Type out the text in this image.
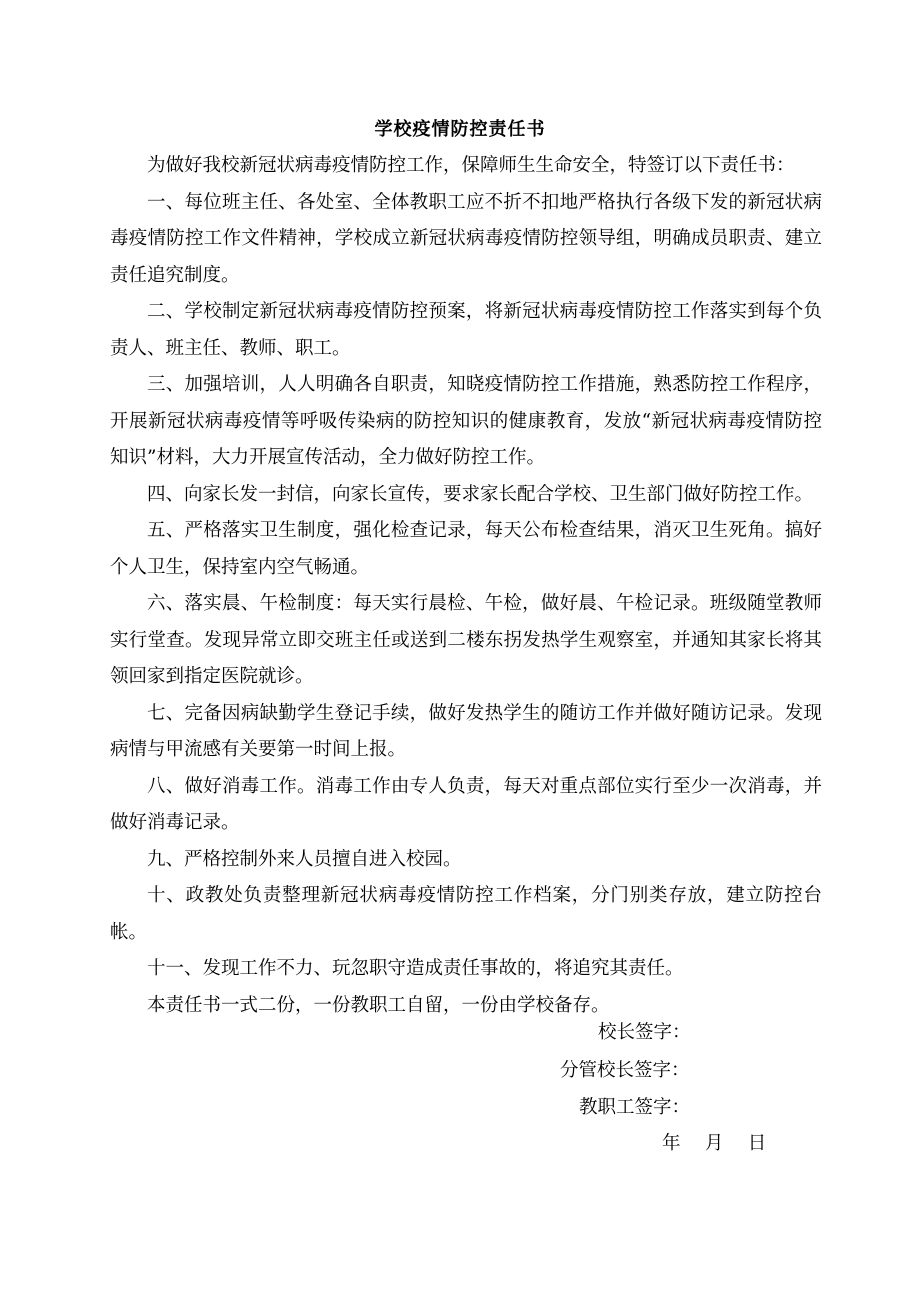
学校疫情防控责任书

为做好我校新冠状病毒疫情防控工作，保障师生生命安全，特签订以下责任书：

一、每位班主任、各处室、全体教职工应不折不扣地严格执行各级下发的新冠状病毒疫情防控工作文件精神，学校成立新冠状病毒疫情防控领导组，明确成员职责、建立责任追究制度。

二、学校制定新冠状病毒疫情防控预案，将新冠状病毒疫情防控工作落实到每个负责人、班主任、教师、职工。

三、加强培训，人人明确各自职责，知晓疫情防控工作措施，熟悉防控工作程序，开展新冠状病毒疫情等呼吸传染病的防控知识的健康教育，发放“新冠状病毒疫情防控知识”材料，大力开展宣传活动，全力做好防控工作。

四、向家长发一封信，向家长宣传，要求家长配合学校、卫生部门做好防控工作。

五、严格落实卫生制度，强化检查记录，每天公布检查结果，消灭卫生死角。搞好个人卫生，保持室内空气畅通。

六、落实晨、午检制度：每天实行晨检、午检，做好晨、午检记录。班级随堂教师实行堂查。发现异常立即交班主任或送到二楼东拐发热学生观察室，并通知其家长将其领回家到指定医院就诊。

七、完备因病缺勤学生登记手续，做好发热学生的随访工作并做好随访记录。发现病情与甲流感有关要第一时间上报。

八、做好消毒工作。消毒工作由专人负责，每天对重点部位实行至少一次消毒，并做好消毒记录。

九、严格控制外来人员擅自进入校园。

十、政教处负责整理新冠状病毒疫情防控工作档案，分门别类存放，建立防控台帐。

十一、发现工作不力、玩忽职守造成责任事故的，将追究其责任。

本责任书一式二份，一份教职工自留，一份由学校备存。

校长签字：
分管校长签字：
教职工签字：
年　 月　 日
